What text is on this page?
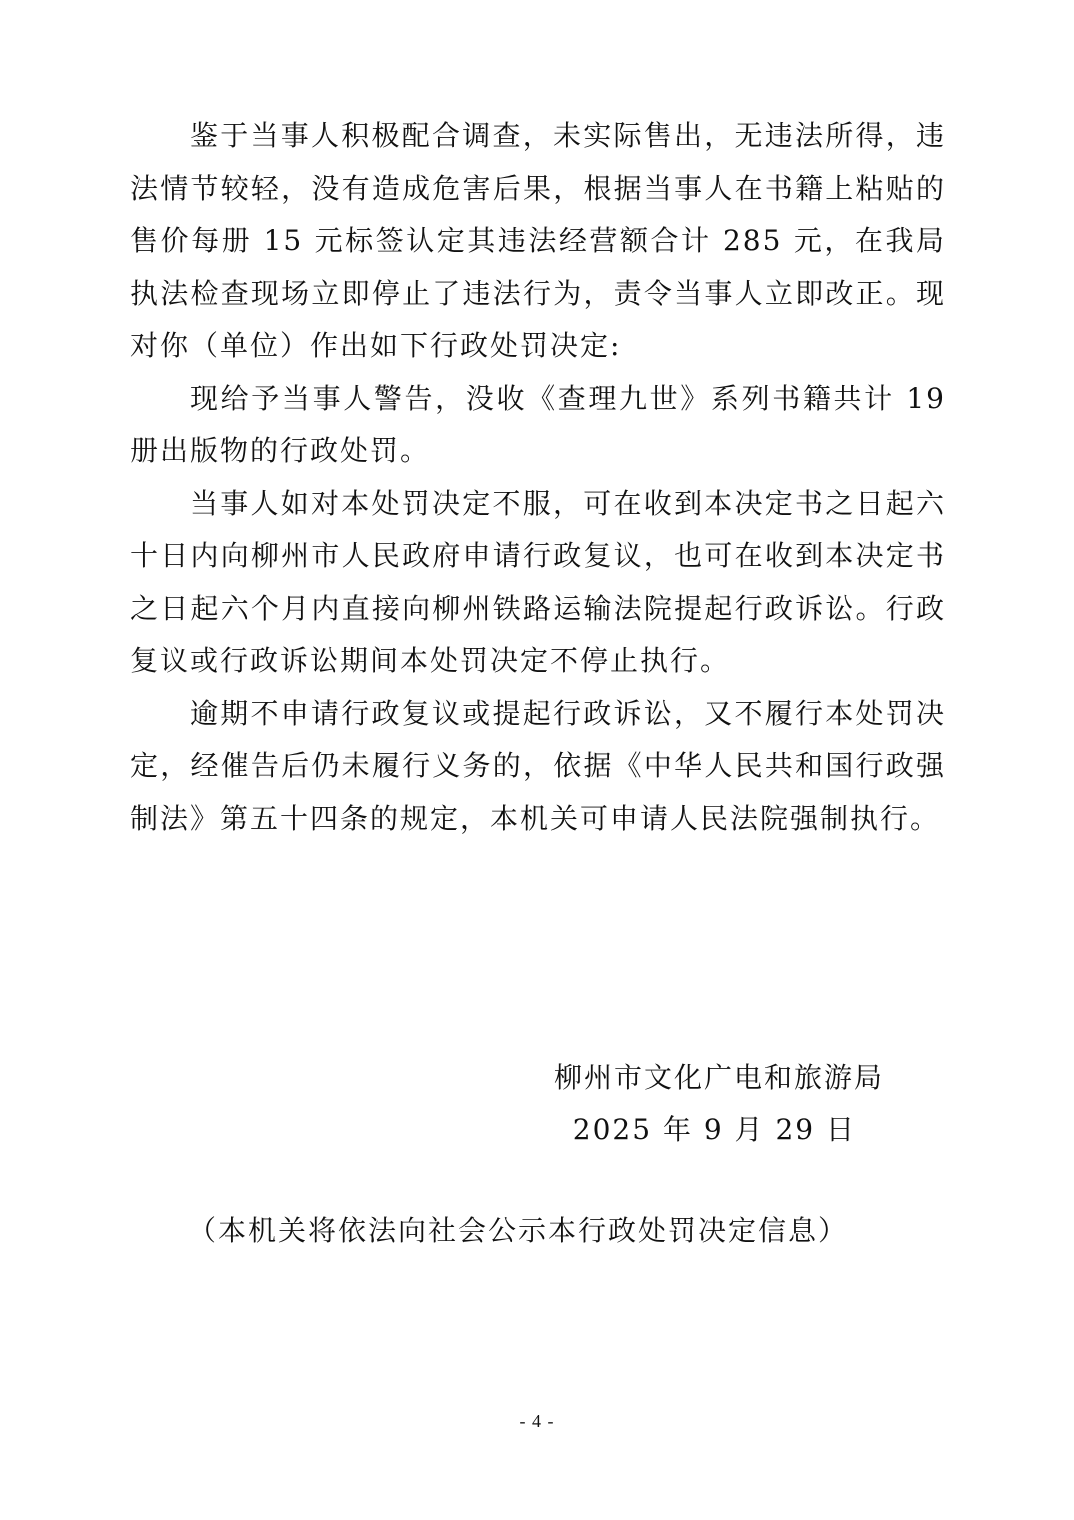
鉴于当事人积极配合调查，未实际售出，无违法所得，违法情节较轻，没有造成危害后果，根据当事人在书籍上粘贴的售价每册 15 元标签认定其违法经营额合计 285 元，在我局执法检查现场立即停止了违法行为，责令当事人立即改正。现对你（单位）作出如下行政处罚决定:

现给予当事人警告，没收《查理九世》系列书籍共计 19 册出版物的行政处罚。

当事人如对本处罚决定不服，可在收到本决定书之日起六十日内向柳州市人民政府申请行政复议，也可在收到本决定书之日起六个月内直接向柳州铁路运输法院提起行政诉讼。行政复议或行政诉讼期间本处罚决定不停止执行。

逾期不申请行政复议或提起行政诉讼，又不履行本处罚决定，经催告后仍未履行义务的，依据《中华人民共和国行政强制法》第五十四条的规定，本机关可申请人民法院强制执行。

柳州市文化广电和旅游局
2025 年 9 月 29 日
（本机关将依法向社会公示本行政处罚决定信息）
- 4 -
